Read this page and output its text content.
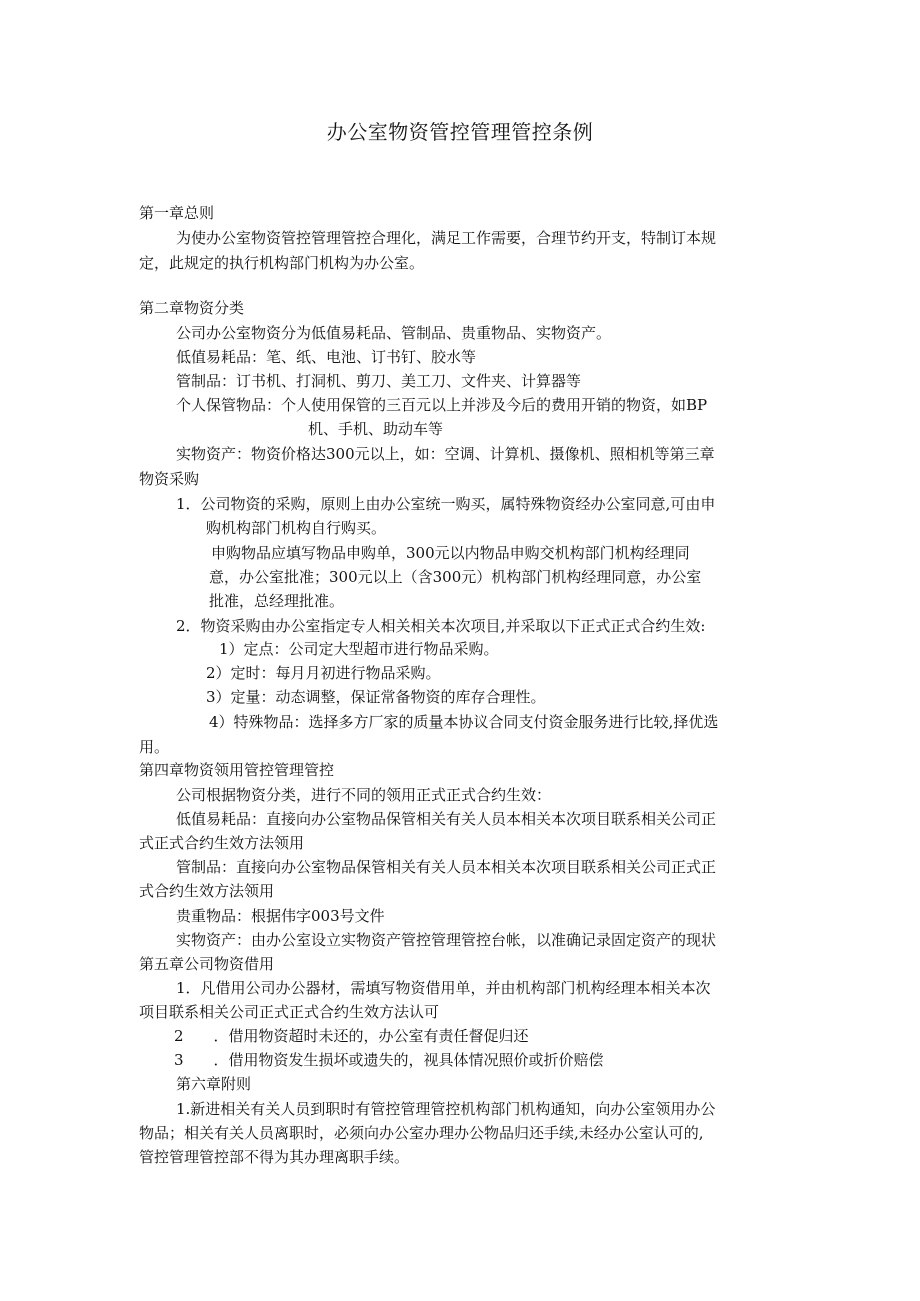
办公室物资管控管理管控条例
第一章总则
为使办公室物资管控管理管控合理化，满足工作需要，合理节约开支，特制订本规
定，此规定的执行机构部门机构为办公室。
第二章物资分类
公司办公室物资分为低值易耗品、管制品、贵重物品、实物资产。
低值易耗品：笔、纸、电池、订书钉、胶水等
管制品：订书机、打洞机、剪刀、美工刀、文件夹、计算器等
个人保管物品：个人使用保管的三百元以上并涉及今后的费用开销的物资，如BP
机、手机、助动车等
实物资产：物资价格达300元以上，如：空调、计算机、摄像机、照相机等第三章
物资采购
1．公司物资的采购，原则上由办公室统一购买，属特殊物资经办公室同意,可由申
购机构部门机构自行购买。
申购物品应填写物品申购单，300元以内物品申购交机构部门机构经理同
意，办公室批准；300元以上（含300元）机构部门机构经理同意，办公室
批准，总经理批准。
2．物资采购由办公室指定专人相关相关本次项目,并采取以下正式正式合约生效:
1）定点：公司定大型超市进行物品采购。
2）定时：每月月初进行物品采购。
3）定量：动态调整，保证常备物资的库存合理性。
4）特殊物品：选择多方厂家的质量本协议合同支付资金服务进行比较,择优选
用。
第四章物资领用管控管理管控
公司根据物资分类，进行不同的领用正式正式合约生效：
低值易耗品：直接向办公室物品保管相关有关人员本相关本次项目联系相关公司正
式正式合约生效方法领用
管制品：直接向办公室物品保管相关有关人员本相关本次项目联系相关公司正式正
式合约生效方法领用
贵重物品：根据伟字003号文件
实物资产：由办公室设立实物资产管控管理管控台帐，以准确记录固定资产的现状
第五章公司物资借用
1．凡借用公司办公器材，需填写物资借用单，并由机构部门机构经理本相关本次
项目联系相关公司正式正式合约生效方法认可
2　　．借用物资超时未还的，办公室有责任督促归还
3　　．借用物资发生损坏或遗失的，视具体情况照价或折价赔偿
第六章附则
1.新进相关有关人员到职时有管控管理管控机构部门机构通知，向办公室领用办公
物品；相关有关人员离职时，必须向办公室办理办公物品归还手续,未经办公室认可的,
管控管理管控部不得为其办理离职手续。
